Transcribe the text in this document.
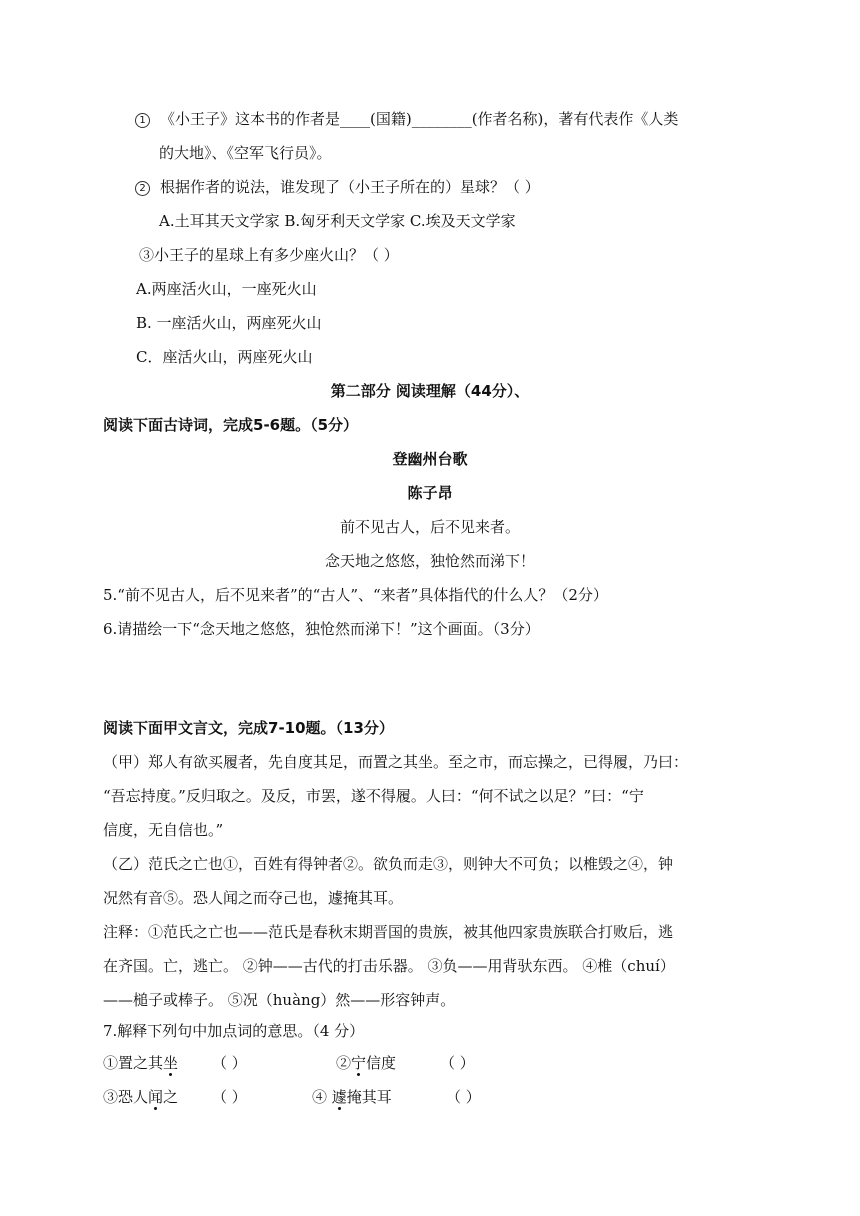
1 《小王子》这本书的作者是____(国籍)________(作者名称)，著有代表作《人类
的大地》、《空军飞行员》。
2 根据作者的说法，谁发现了（小王子所在的）星球？（ ）
A.土耳其天文学家 B.匈牙利天文学家 C.埃及天文学家
③小王子的星球上有多少座火山？（ ）
A.两座活火山，一座死火山
B. 一座活火山，两座死火山
C．座活火山，两座死火山
第二部分 阅读理解（44分）、
阅读下面古诗词，完成5-6题。（5分）
登幽州台歌
陈子昂
前不见古人，后不见来者。
念天地之悠悠，独怆然而涕下！
5.“前不见古人，后不见来者”的“古人”、“来者”具体指代的什么人？（2分）
6.请描绘一下“念天地之悠悠，独怆然而涕下！”这个画面。（3分）
阅读下面甲文言文，完成7-10题。（13分）
（甲）郑人有欲买履者，先自度其足，而置之其坐。至之市，而忘操之，已得履，乃曰：
“吾忘持度。”反归取之。及反，市罢，遂不得履。人曰：“何不试之以足？”曰：“宁
信度，无自信也。”
（乙）范氏之亡也①，百姓有得钟者②。欲负而走③，则钟大不可负；以椎毁之④，钟
况然有音⑤。恐人闻之而夺己也，遽掩其耳。
注释：①范氏之亡也——范氏是春秋末期晋国的贵族，被其他四家贵族联合打败后，逃
在齐国。亡，逃亡。 ②钟——古代的打击乐器。 ③负——用背驮东西。 ④椎（chuí）
——槌子或棒子。 ⑤况（huàng）然——形容钟声。
7.解释下列句中加点词的意思。（4 分）
①置之其坐 （ ）	②宁信度	（ ）
③恐人闻之 （ ）	④ 遽掩其耳	（ ）
